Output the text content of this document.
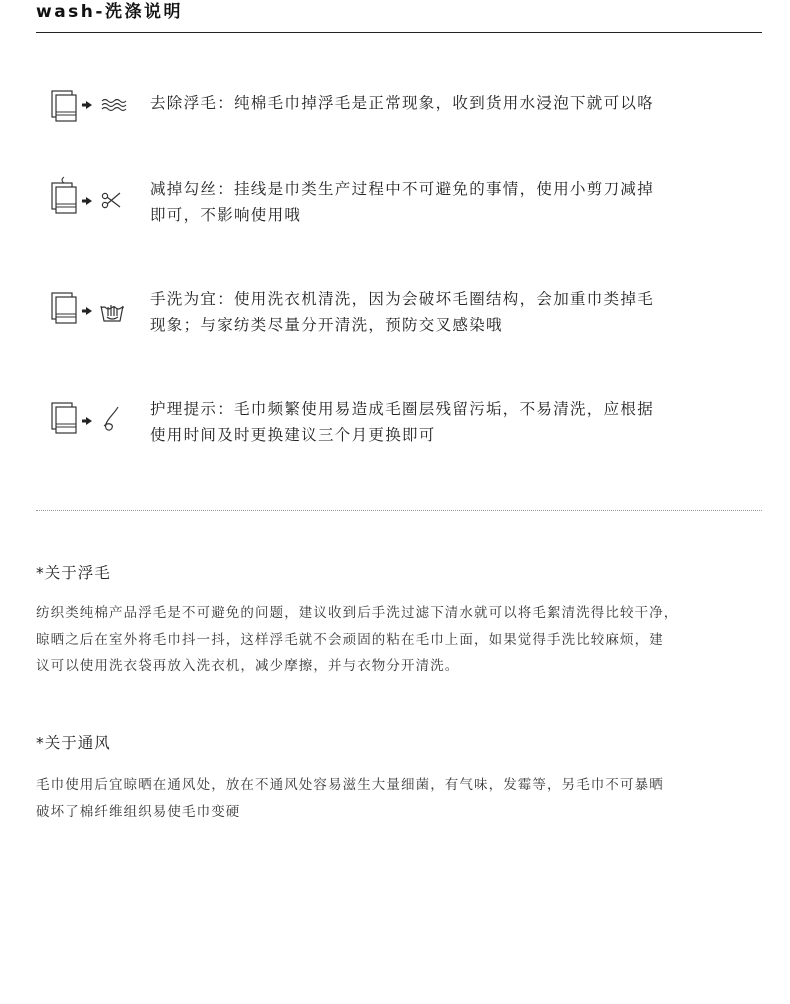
wash-洗涤说明
去除浮毛：纯棉毛巾掉浮毛是正常现象，收到货用水浸泡下就可以咯
减掉勾丝：挂线是巾类生产过程中不可避免的事情，使用小剪刀减掉
即可，不影响使用哦
手洗为宜：使用洗衣机清洗，因为会破坏毛圈结构，会加重巾类掉毛
现象；与家纺类尽量分开清洗，预防交叉感染哦
护理提示：毛巾频繁使用易造成毛圈层残留污垢，不易清洗，应根据
使用时间及时更换建议三个月更换即可
*关于浮毛

纺织类纯棉产品浮毛是不可避免的问题，建议收到后手洗过滤下清水就可以将毛絮清洗得比较干净，

晾晒之后在室外将毛巾抖一抖，这样浮毛就不会顽固的粘在毛巾上面，如果觉得手洗比较麻烦，建

议可以使用洗衣袋再放入洗衣机，减少摩擦，并与衣物分开清洗。

*关于通风

毛巾使用后宜晾晒在通风处，放在不通风处容易滋生大量细菌，有气味，发霉等，另毛巾不可暴晒

破坏了棉纤维组织易使毛巾变硬
